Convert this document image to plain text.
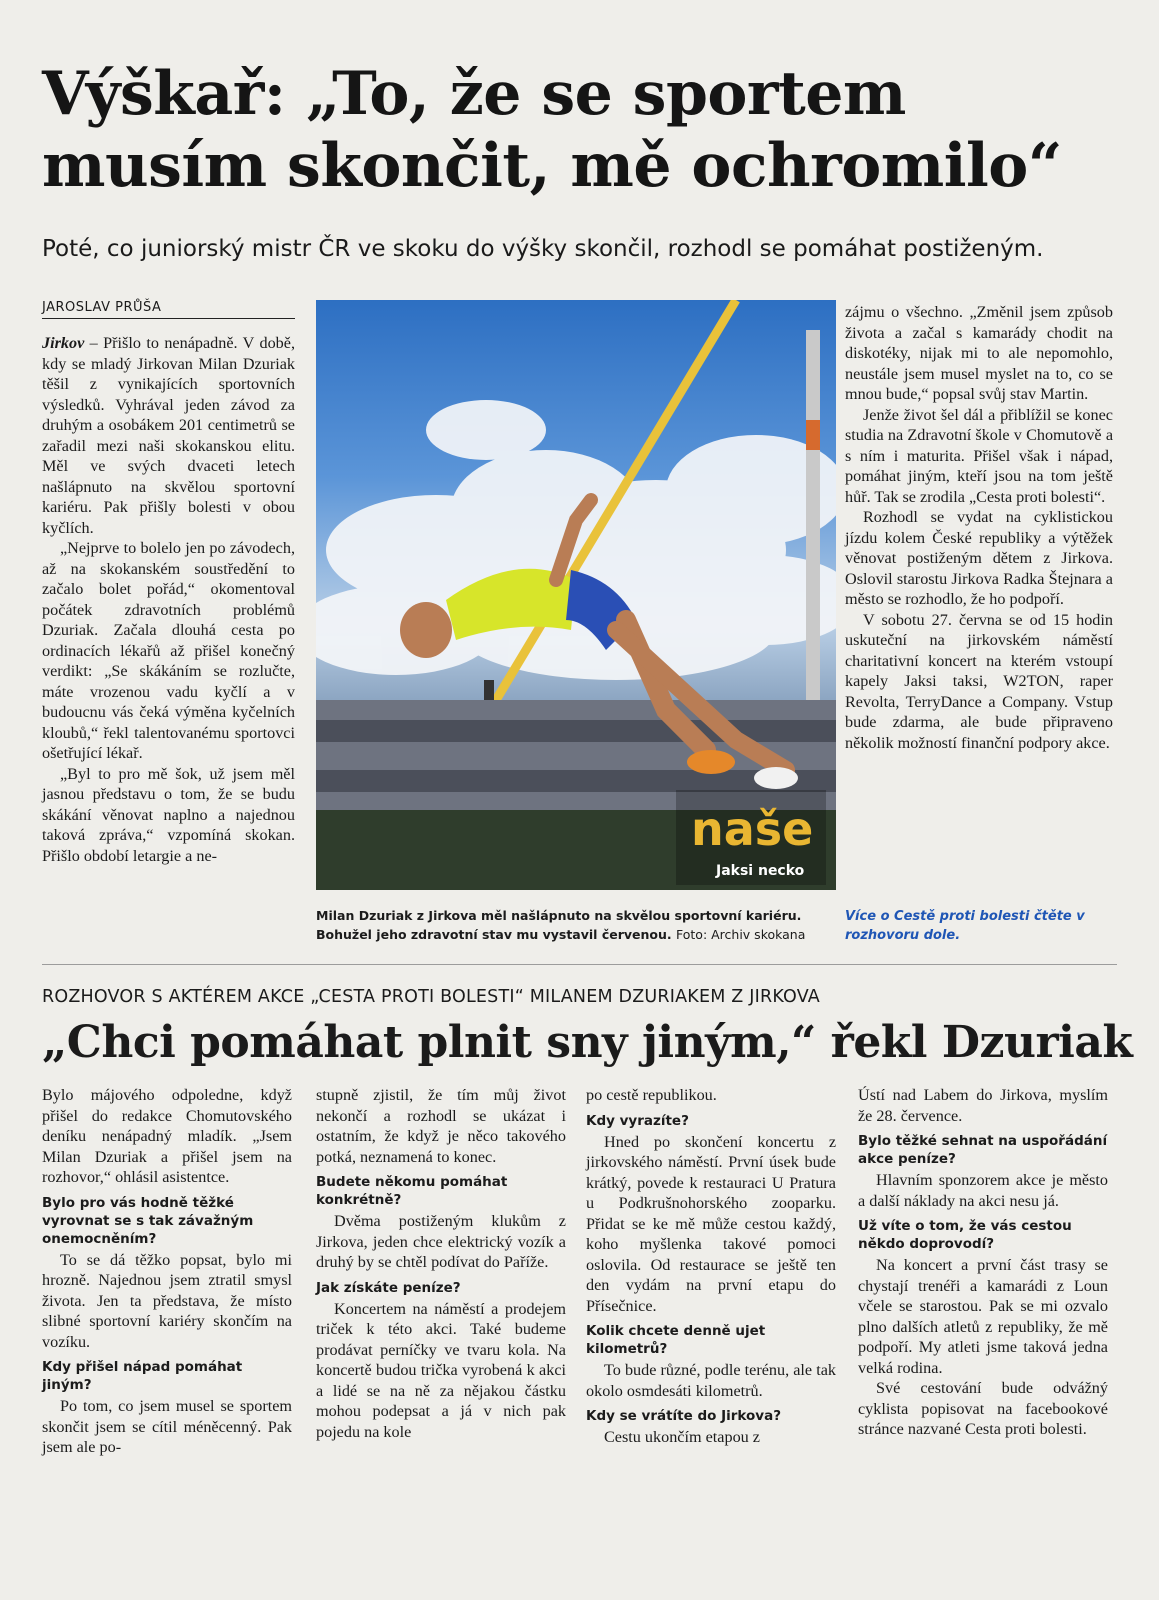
Výškař: „To, že se sportem musím skončit, mě ochromilo“

Poté, co juniorský mistr ČR ve skoku do výšky skončil, rozhodl se pomáhat postiženým.

JAROSLAV PRŮŠA

Jirkov – Přišlo to nenápadně. V době, kdy se mladý Jirkovan Milan Dzuriak těšil z vynikajících sportovních výsledků. Vyhrával jeden závod za druhým a osobákem 201 centimetrů se zařadil mezi naši skokanskou elitu. Měl ve svých dvaceti letech našlápnuto na skvělou sportovní kariéru. Pak přišly bolesti v obou kyčlích.

„Nejprve to bolelo jen po závodech, až na skokanském soustředění to začalo bolet pořád,“ okomentoval počátek zdravotních problémů Dzuriak. Začala dlouhá cesta po ordinacích lékařů až přišel konečný verdikt: „Se skákáním se rozlučte, máte vrozenou vadu kyčlí a v budoucnu vás čeká výměna kyčelních kloubů,“ řekl talentovanému sportovci ošetřující lékař.

„Byl to pro mě šok, už jsem měl jasnou představu o tom, že se budu skákání věnovat naplno a najednou taková zpráva,“ vzpomíná skokan. Přišlo období letargie a ne-	naše
Jaksi necko

Milan Dzuriak z Jirkova měl našlápnuto na skvělou sportovní kariéru. Bohužel jeho zdravotní stav mu vystavil červenou. Foto: Archiv skokana

zájmu o všechno. „Změnil jsem způsob života a začal s kamarády chodit na diskotéky, nijak mi to ale nepomohlo, neustále jsem musel myslet na to, co se mnou bude,“ popsal svůj stav Martin.

Jenže život šel dál a přiblížil se konec studia na Zdravotní škole v Chomutově a s ním i maturita. Přišel však i nápad, pomáhat jiným, kteří jsou na tom ještě hůř. Tak se zrodila „Cesta proti bolesti“.

Rozhodl se vydat na cyklistickou jízdu kolem České republiky a výtěžek věnovat postiženým dětem z Jirkova. Oslovil starostu Jirkova Radka Štejnara a město se rozhodlo, že ho podpoří.

V sobotu 27. června se od 15 hodin uskuteční na jirkovském náměstí charitativní koncert na kterém vstoupí kapely Jaksi taksi, W2TON, raper Revolta, TerryDance a Company. Vstup bude zdarma, ale bude připraveno několik možností finanční podpory akce.

Více o Cestě proti bolesti čtěte v rozhovoru dole.

ROZHOVOR S AKTÉREM AKCE „CESTA PROTI BOLESTI“ MILANEM DZURIAKEM Z JIRKOVA

„Chci pomáhat plnit sny jiným,“ řekl Dzuriak

Bylo májového odpoledne, když přišel do redakce Chomutovského deníku nenápadný mladík. „Jsem Milan Dzuriak a přišel jsem na rozhovor,“ ohlásil asistentce.

Bylo pro vás hodně těžké vyrovnat se s tak závažným onemocněním?

To se dá těžko popsat, bylo mi hrozně. Najednou jsem ztratil smysl života. Jen ta představa, že místo slibné sportovní kariéry skončím na vozíku.

Kdy přišel nápad pomáhat jiným?

Po tom, co jsem musel se sportem skončit jsem se cítil méněcenný. Pak jsem ale po-

stupně zjistil, že tím můj život nekončí a rozhodl se ukázat i ostatním, že když je něco takového potká, neznamená to konec.

Budete někomu pomáhat konkrétně?

Dvěma postiženým klukům z Jirkova, jeden chce elektrický vozík a druhý by se chtěl podívat do Paříže.

Jak získáte peníze?

Koncertem na náměstí a prodejem triček k této akci. Také budeme prodávat perníčky ve tvaru kola. Na koncertě budou trička vyrobená k akci a lidé se na ně za nějakou částku mohou podepsat a já v nich pak pojedu na kole

po cestě republikou.

Kdy vyrazíte?

Hned po skončení koncertu z jirkovského náměstí. První úsek bude krátký, povede k restauraci U Pratura u Podkrušnohorského zooparku. Přidat se ke mě může cestou každý, koho myšlenka takové pomoci oslovila. Od restaurace se ještě ten den vydám na první etapu do Přísečnice.

Kolik chcete denně ujet kilometrů?

To bude různé, podle terénu, ale tak okolo osmdesáti kilometrů.

Kdy se vrátíte do Jirkova?

Cestu ukončím etapou z

Ústí nad Labem do Jirkova, myslím že 28. července.

Bylo těžké sehnat na uspořádání akce peníze?

Hlavním sponzorem akce je město a další náklady na akci nesu já.

Už víte o tom, že vás cestou někdo doprovodí?

Na koncert a první část trasy se chystají trenéři a kamarádi z Loun včele se starostou. Pak se mi ozvalo plno dalších atletů z republiky, že mě podpoří. My atleti jsme taková jedna velká rodina.

Své cestování bude odvážný cyklista popisovat na facebookové stránce nazvané Cesta proti bolesti.
